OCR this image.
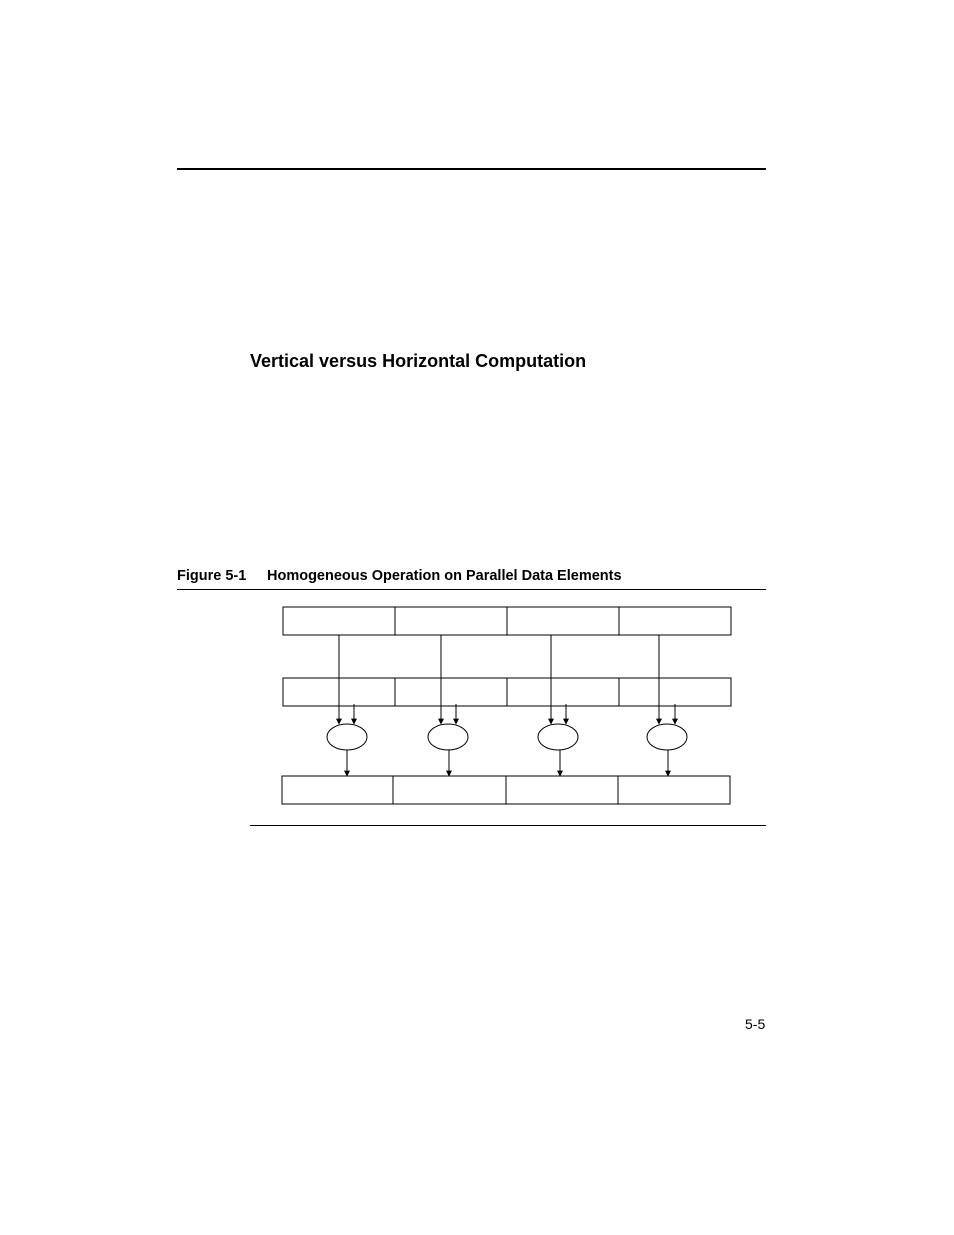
Vertical versus Horizontal Computation
Figure 5-1 Homogeneous Operation on Parallel Data Elements
5-5
